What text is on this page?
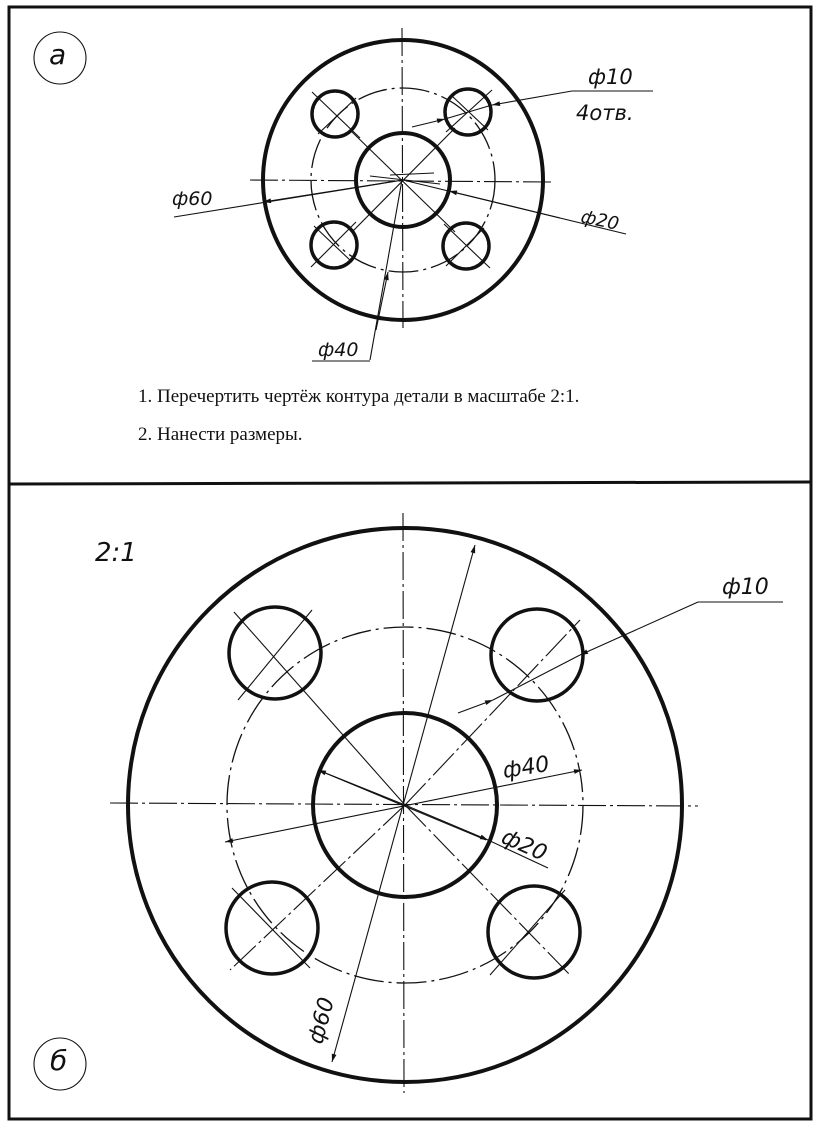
ф60
ф20
ф40
ф10
4отв.
ф60
ф40
ф20
ф10
а
б
1. Перечертить чертёж контура детали в масштабе 2:1.
2. Нанести размеры.
2:1
